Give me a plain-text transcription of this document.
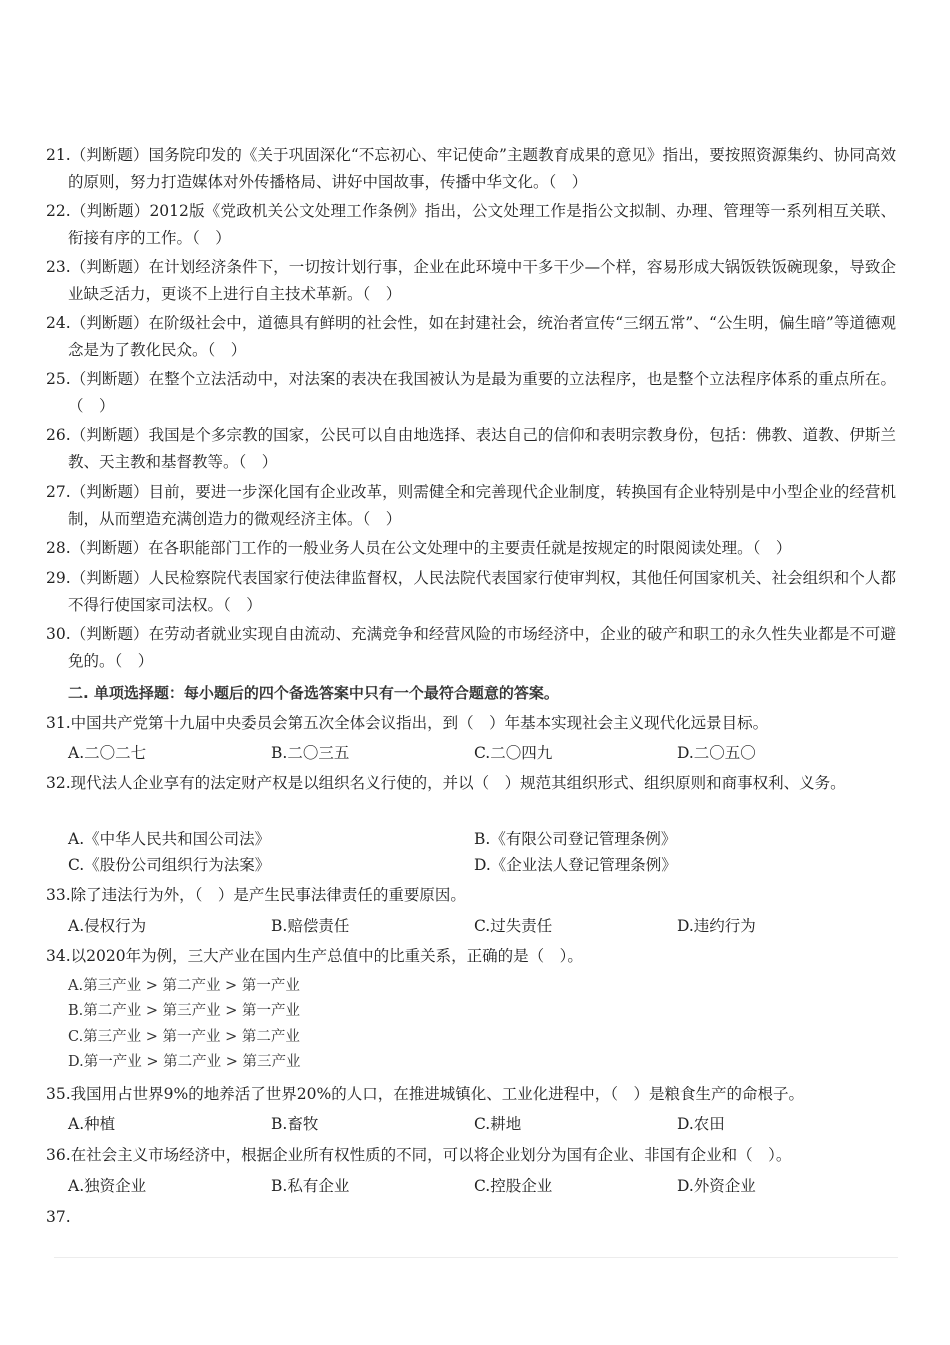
21.（判断题）国务院印发的《关于巩固深化“不忘初心、牢记使命”主题教育成果的意见》指出，要按照资源集约、协同高效的原则，努力打造媒体对外传播格局、讲好中国故事，传播中华文化。（　）
22.（判断题）2012版《党政机关公文处理工作条例》指出，公文处理工作是指公文拟制、办理、管理等一系列相互关联、衔接有序的工作。（　）
23.（判断题）在计划经济条件下，一切按计划行事，企业在此环境中干多干少—个样，容易形成大锅饭铁饭碗现象，导致企业缺乏活力，更谈不上进行自主技术革新。（　）
24.（判断题）在阶级社会中，道德具有鲜明的社会性，如在封建社会，统治者宣传“三纲五常”、“公生明，偏生暗”等道德观念是为了教化民众。（　）
25.（判断题）在整个立法活动中，对法案的表决在我国被认为是最为重要的立法程序，也是整个立法程序体系的重点所在。（　）
26.（判断题）我国是个多宗教的国家，公民可以自由地选择、表达自己的信仰和表明宗教身份，包括：佛教、道教、伊斯兰教、天主教和基督教等。（　）
27.（判断题）目前，要进一步深化国有企业改革，则需健全和完善现代企业制度，转换国有企业特别是中小型企业的经营机制，从而塑造充满创造力的微观经济主体。（　）
28.（判断题）在各职能部门工作的一般业务人员在公文处理中的主要责任就是按规定的时限阅读处理。（　）
29.（判断题）人民检察院代表国家行使法律监督权，人民法院代表国家行使审判权，其他任何国家机关、社会组织和个人都不得行使国家司法权。（　）
30.（判断题）在劳动者就业实现自由流动、充满竞争和经营风险的市场经济中，企业的破产和职工的永久性失业都是不可避免的。（　）
二. 单项选择题：每小题后的四个备选答案中只有一个最符合题意的答案。
31.中国共产党第十九届中央委员会第五次全体会议指出，到（　）年基本实现社会主义现代化远景目标。
A.二〇二七	B.二〇三五	C.二〇四九	D.二〇五〇
32.现代法人企业享有的法定财产权是以组织名义行使的，并以（　）规范其组织形式、组织原则和商事权利、义务。
A.《中华人民共和国公司法》	B.《有限公司登记管理条例》
C.《股份公司组织行为法案》	D.《企业法人登记管理条例》
33.除了违法行为外，（　）是产生民事法律责任的重要原因。
A.侵权行为	B.赔偿责任	C.过失责任	D.违约行为
34.以2020年为例，三大产业在国内生产总值中的比重关系，正确的是（　）。
A.第三产业 > 第二产业 > 第一产业
B.第二产业 > 第三产业 > 第一产业
C.第三产业 > 第一产业 > 第二产业
D.第一产业 > 第二产业 > 第三产业
35.我国用占世界9%的地养活了世界20%的人口，在推进城镇化、工业化进程中，（　）是粮食生产的命根子。
A.种植	B.畜牧	C.耕地	D.农田
36.在社会主义市场经济中，根据企业所有权性质的不同，可以将企业划分为国有企业、非国有企业和（　）。
A.独资企业	B.私有企业	C.控股企业	D.外资企业
37.
